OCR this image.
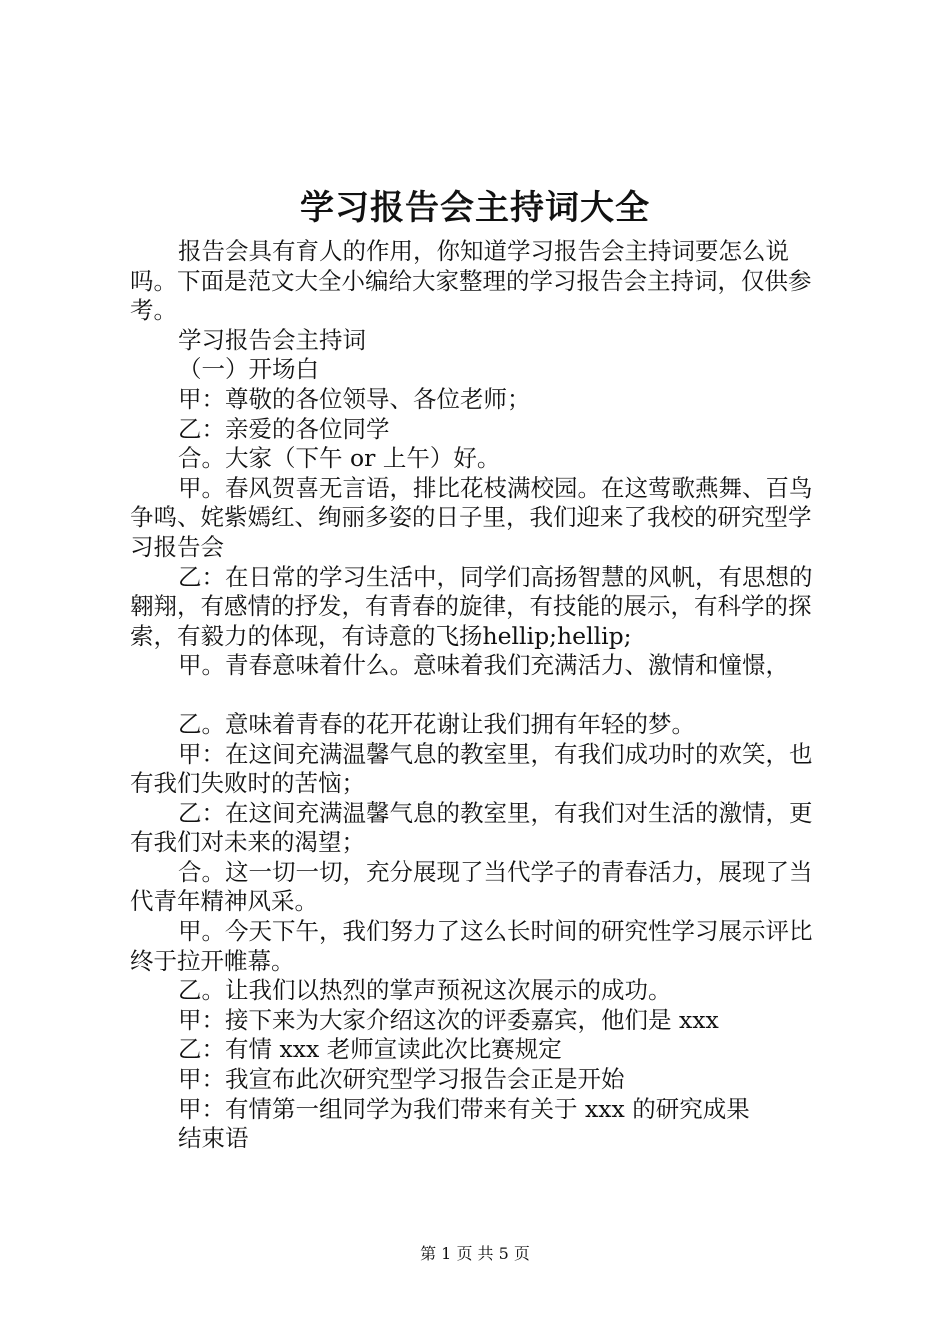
学习报告会主持词大全

报告会具有育人的作用，你知道学习报告会主持词要怎么说吗。下面是范文大全小编给大家整理的学习报告会主持词，仅供参考。

学习报告会主持词

（一）开场白

甲：尊敬的各位领导、各位老师；

乙：亲爱的各位同学

合。大家（下午 or 上午）好。

甲。春风贺喜无言语，排比花枝满校园。在这莺歌燕舞、百鸟争鸣、姹紫嫣红、绚丽多姿的日子里，我们迎来了我校的研究型学习报告会

乙：在日常的学习生活中，同学们高扬智慧的风帆，有思想的翱翔，有感情的抒发，有青春的旋律，有技能的展示，有科学的探索，有毅力的体现，有诗意的飞扬hellip;hellip;

甲。青春意味着什么。意味着我们充满活力、激情和憧憬，

乙。意味着青春的花开花谢让我们拥有年轻的梦。

甲：在这间充满温馨气息的教室里，有我们成功时的欢笑，也有我们失败时的苦恼；

乙：在这间充满温馨气息的教室里，有我们对生活的激情，更有我们对未来的渴望；

合。这一切一切，充分展现了当代学子的青春活力，展现了当代青年精神风采。

甲。今天下午，我们努力了这么长时间的研究性学习展示评比终于拉开帷幕。

乙。让我们以热烈的掌声预祝这次展示的成功。

甲：接下来为大家介绍这次的评委嘉宾，他们是 xxx

乙：有情 xxx 老师宣读此次比赛规定

甲：我宣布此次研究型学习报告会正是开始

甲：有情第一组同学为我们带来有关于 xxx 的研究成果

结束语

第 1 页 共 5 页
